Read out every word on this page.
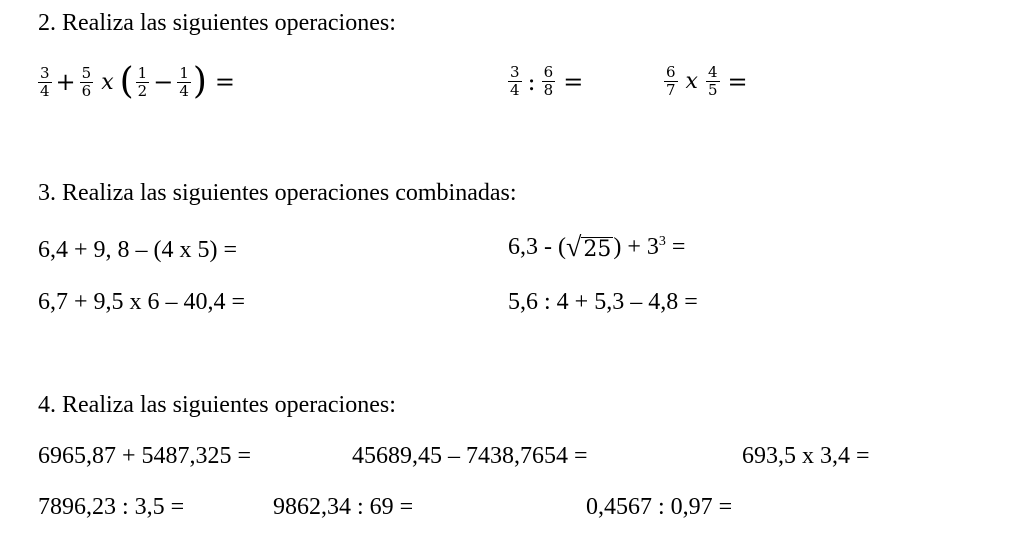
2. Realiza las siguientes operaciones:
$\frac{3}{4} + \frac{5}{6}$ x ( $\frac{1}{2} - \frac{1}{4}$ ) =	$\frac{3}{4}$ : $\frac{6}{8}$ =	$\frac{6}{7}$ x $\frac{4}{5}$ =
3. Realiza las siguientes operaciones combinadas:
6,4 + 9, 8 – (4 x 5) =	6,3 - ( √ 25 ) + $3^3$ =
6,7 + 9,5 x 6 – 40,4 =	5,6 : 4 + 5,3 – 4,8 =
4. Realiza las siguientes operaciones:
6965,87 + 5487,325 =	45689,45 – 7438,7654 =	693,5 x 3,4 =
7896,23 : 3,5 =	9862,34 : 69 =	0,4567 : 0,97 =
